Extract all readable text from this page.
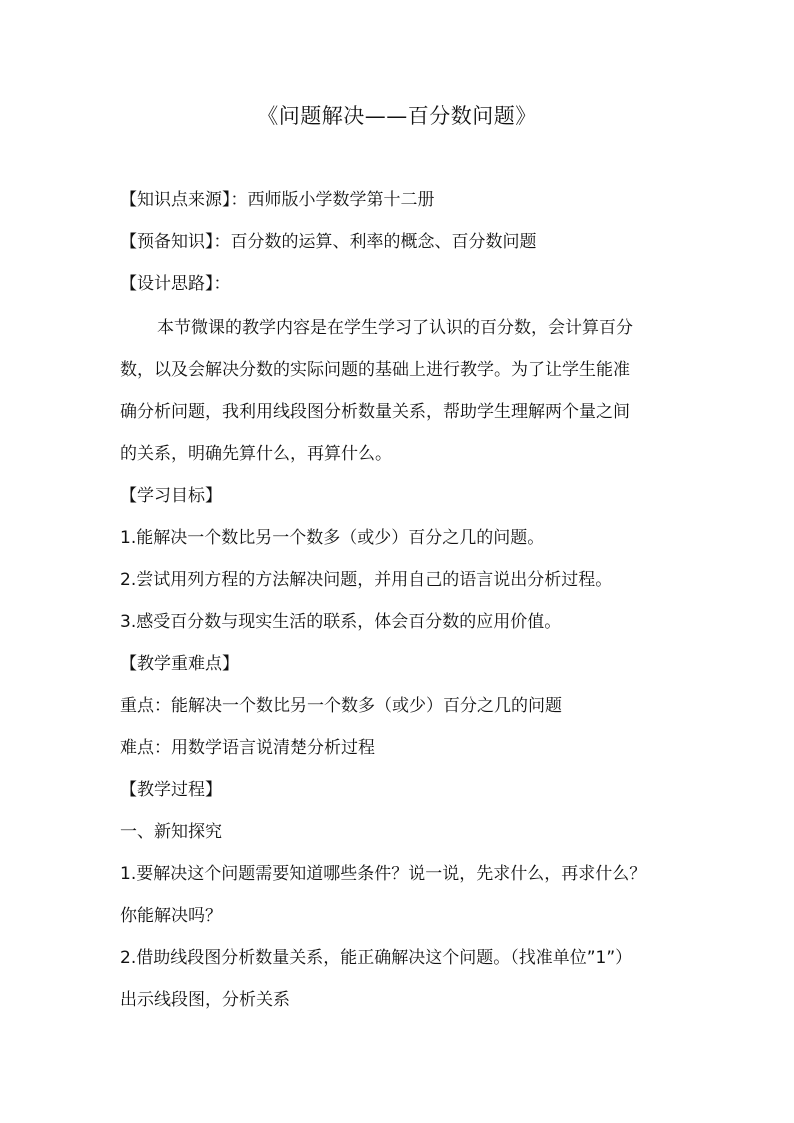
《问题解决——百分数问题》

【知识点来源】：西师版小学数学第十二册

【预备知识】：百分数的运算、利率的概念、百分数问题

【设计思路】：

本节微课的教学内容是在学生学习了认识的百分数，会计算百分

数，以及会解决分数的实际问题的基础上进行教学。为了让学生能准

确分析问题，我利用线段图分析数量关系，帮助学生理解两个量之间

的关系，明确先算什么，再算什么。

【学习目标】

1.能解决一个数比另一个数多（或少）百分之几的问题。

2.尝试用列方程的方法解决问题，并用自己的语言说出分析过程。

3.感受百分数与现实生活的联系，体会百分数的应用价值。

【教学重难点】

重点：能解决一个数比另一个数多（或少）百分之几的问题

难点：用数学语言说清楚分析过程

【教学过程】

一、新知探究

1.要解决这个问题需要知道哪些条件？说一说，先求什么，再求什么？

你能解决吗？

2.借助线段图分析数量关系，能正确解决这个问题。（找准单位”1”）

出示线段图，分析关系
